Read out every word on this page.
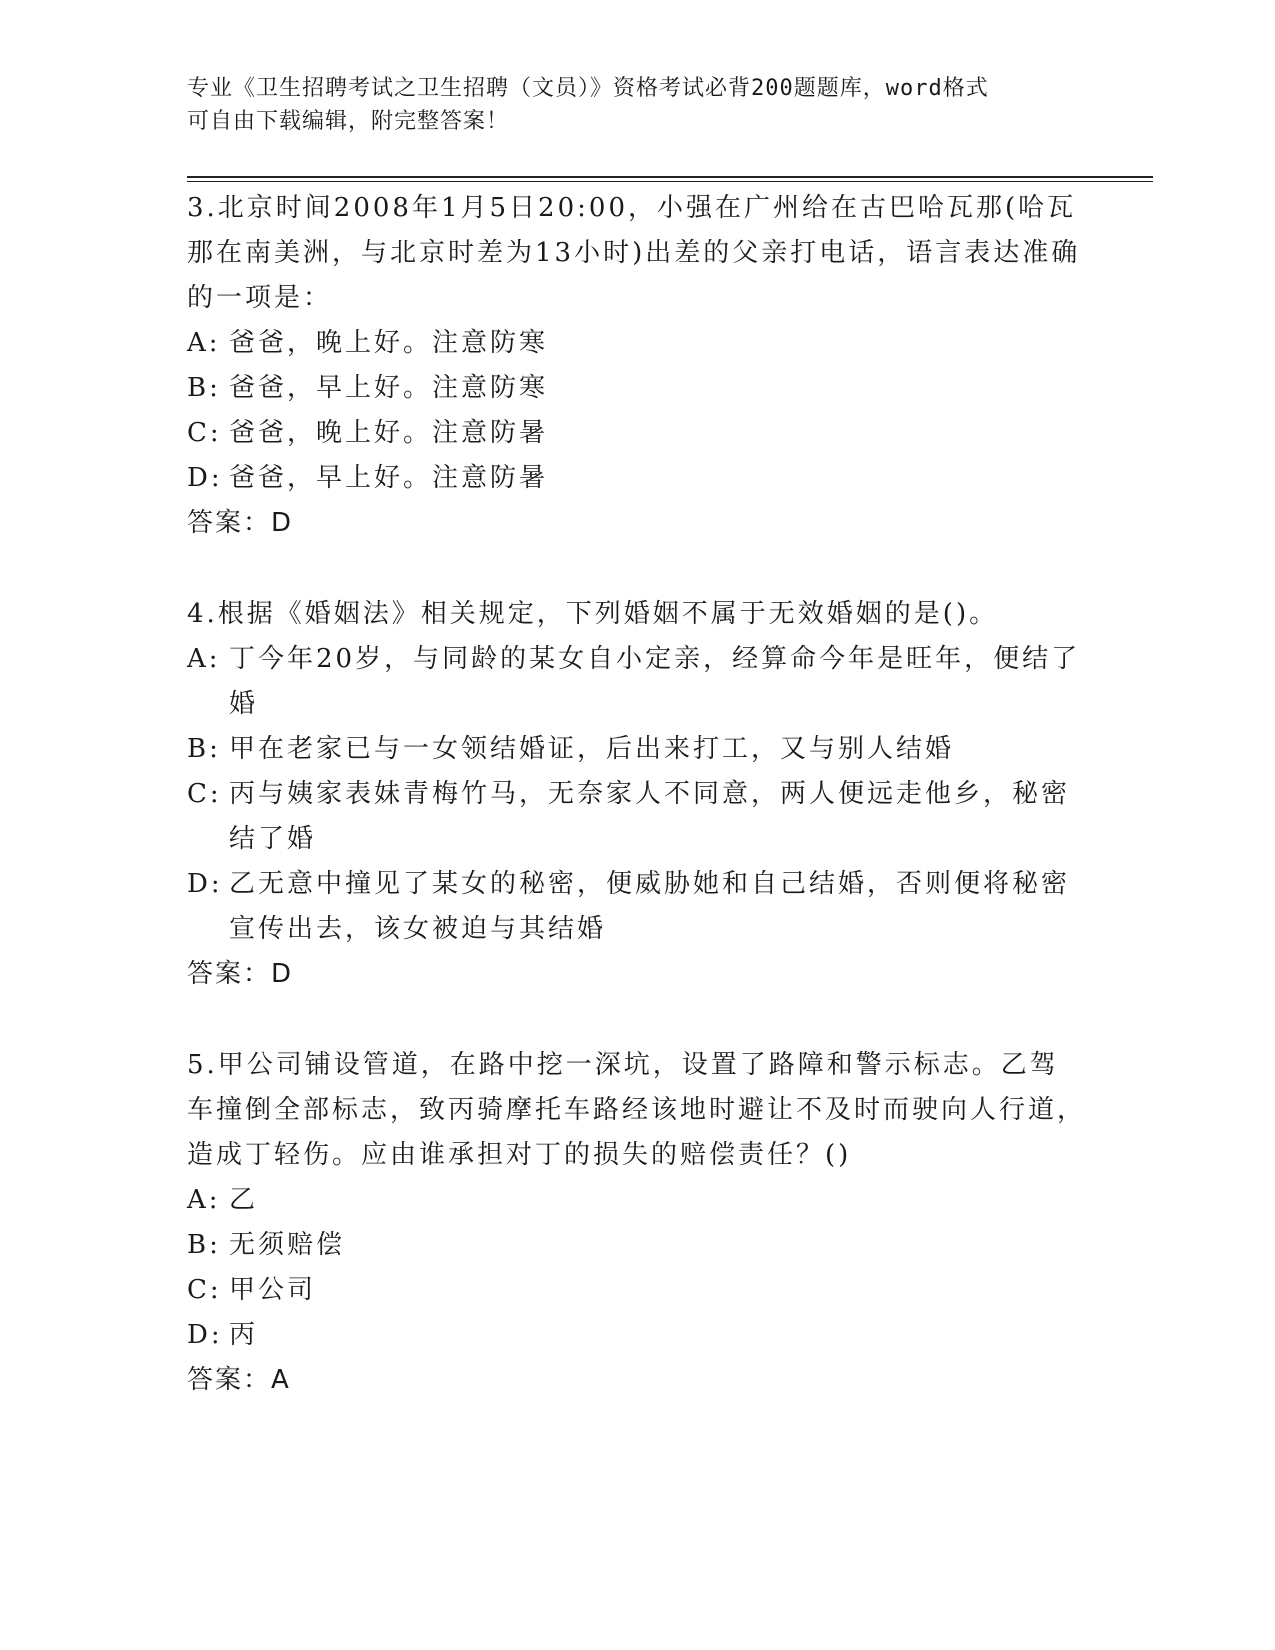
专业《卫生招聘考试之卫生招聘（文员）》资格考试必背200题题库，word格式
可自由下载编辑，附完整答案！

3.北京时间2008年1月5日20:00，小强在广州给在古巴哈瓦那(哈瓦那在南美洲，与北京时差为13小时)出差的父亲打电话，语言表达准确的一项是：

A: 爸爸，晚上好。注意防寒
B: 爸爸，早上好。注意防寒
C: 爸爸，晚上好。注意防暑
D: 爸爸，早上好。注意防暑

答案：D

4.根据《婚姻法》相关规定，下列婚姻不属于无效婚姻的是()。

A: 丁今年20岁，与同龄的某女自小定亲，经算命今年是旺年，便结了婚
B: 甲在老家已与一女领结婚证，后出来打工，又与别人结婚
C: 丙与姨家表妹青梅竹马，无奈家人不同意，两人便远走他乡，秘密结了婚
D: 乙无意中撞见了某女的秘密，便威胁她和自己结婚，否则便将秘密宣传出去，该女被迫与其结婚

答案：D

5.甲公司铺设管道，在路中挖一深坑，设置了路障和警示标志。乙驾车撞倒全部标志，致丙骑摩托车路经该地时避让不及时而驶向人行道，造成丁轻伤。应由谁承担对丁的损失的赔偿责任？()

A: 乙
B: 无须赔偿
C: 甲公司
D: 丙

答案：A
